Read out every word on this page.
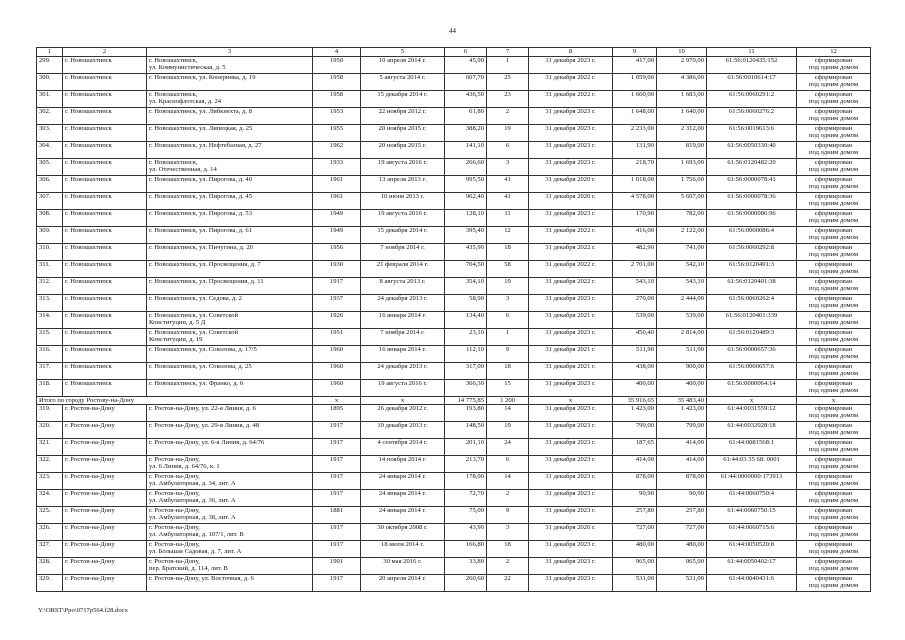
44
1	2	3	4	5	6	7	8	9	10	11	12
299.	г. Новошахтинск	г. Новошахтинск,
ул. Коммунистическая, д. 5	1950	10 апреля 2014 г.	45,90	1	31 декабря 2023 г.	417,00	2 970,00	61:56:0120435:152	сформирован
под одним домом
300.	г. Новошахтинск	г. Новошахтинск, ул. Коперника, д. 19	1958	5 августа 2014 г.	607,70	25	31 декабря 2022 г.	1 059,00	4 386,00	61:56:0010614:17	сформирован
под одним домом
301.	г. Новошахтинск	г. Новошахтинск,
ул. Краснофлотская, д. 24	1958	15 декабря 2014 г.	436,50	23	31 декабря 2022 г.	1 660,00	1 683,00	61:56:0060291:2	сформирован
под одним домом
302.	г. Новошахтинск	г. Новошахтинск, ул. Либкнехта, д. 8	1953	22 ноября 2012 г.	61,80	2	31 декабря 2023 г.	1 648,00	1 640,00	61:56:0060276:2	сформирован
под одним домом
303.	г. Новошахтинск	г. Новошахтинск, ул. Липецкая, д. 25	1955	20 ноября 2015 г.	388,20	19	31 декабря 2023 г.	2 233,00	2 312,00	61:56:0019613:6	сформирован
под одним домом
304.	г. Новошахтинск	г. Новошахтинск, ул. Нефтебазная, д. 27	1962	20 ноября 2015 г.	141,10	6	31 декабря 2023 г.	131,90	819,00	61:56:0050330:40	сформирован
под одним домом
305.	г. Новошахтинск	г. Новошахтинск,
ул. Отечественная, д. 14	1933	19 августа 2016 г.	266,60	3	31 декабря 2023 г.	218,70	1 693,00	61:56:0120482:20	сформирован
под одним домом
306.	г. Новошахтинск	г. Новошахтинск, ул. Пирогова, д. 40	1961	13 апреля 2013 г.	995,50	41	31 декабря 2020 г.	1 018,00	1 756,00	61:56:0000078:41	сформирован
под одним домом
307.	г. Новошахтинск	г. Новошахтинск, ул. Пирогова, д. 45	1961	10 июня 2013 г.	962,40	41	31 декабря 2020 г.	4 578,00	5 697,00	61:56:0000078:36	сформирован
под одним домом
308.	г. Новошахтинск	г. Новошахтинск, ул. Пирогова, д. 53	1949	19 августа 2016 г.	128,10	11	31 декабря 2023 г.	170,90	782,00	61:56:0000086:96	сформирован
под одним домом
309.	г. Новошахтинск	г. Новошахтинск, ул. Пирогова, д. 61	1949	15 декабря 2014 г.	395,40	12	31 декабря 2022 г.	416,00	2 122,00	61:56:0000086:4	сформирован
под одним домом
310.	г. Новошахтинск	г. Новошахтинск, ул. Пичугина, д. 20	1956	7 ноября 2014 г.	435,90	18	31 декабря 2022 г.	482,90	741,00	61:56:0060292:8	сформирован
под одним домом
311.	г. Новошахтинск	г. Новошахтинск, ул. Просвещения, д. 7	1930	21 февраля 2014 г.	704,50	58	31 декабря 2022 г.	2 701,00	542,10	61:56:0120491:3	сформирован
под одним домом
312.	г. Новошахтинск	г. Новошахтинск, ул. Просвещения, д. 11	1917	8 августа 2013 г.	354,10	19	31 декабря 2022 г.	543,10	543,10	61:56:0120401:38	сформирован
под одним домом
313.	г. Новошахтинск	г. Новошахтинск, ул. Седова, д. 2	1937	24 декабря 2013 г.	58,90	3	31 декабря 2023 г.	270,00	2 444,00	61:56:0060262:4	сформирован
под одним домом
314.	г. Новошахтинск	г. Новошахтинск, ул. Советской
Конституции, д. 5 Д	1926	16 января 2014 г.	134,40	6	31 декабря 2021 г.	539,00	539,00	61:56:0120401:339	сформирован
под одним домом
315.	г. Новошахтинск	г. Новошахтинск, ул. Советской
Конституции, д. 19	1951	7 ноября 2014 г.	23,10	1	31 декабря 2023 г.	450,40	2 814,00	61:56:0120489:3	сформирован
под одним домом
316.	г. Новошахтинск	г. Новошахтинск, ул. Соколова, д. 17/5	1960	16 января 2014 г.	112,10	9	31 декабря 2021 г.	511,90	511,90	61:56:0000657:36	сформирован
под одним домом
317.	г. Новошахтинск	г. Новошахтинск, ул. Соколова, д. 25	1960	24 декабря 2013 г.	317,00	18	31 декабря 2021 г.	438,00	900,00	61:56:0000657:6	сформирован
под одним домом
318.	г. Новошахтинск	г. Новошахтинск, ул. Франко, д. 6	1960	19 августа 2016 г.	366,30	15	31 декабря 2023 г.	400,00	400,00	61:56:0000064:14	сформирован
под одним домом
Итого по городу Ростову-на-Дону			х	х	14 775,85	1 200	х	35 916,65	35 483,40	х	х
319.	г. Ростов-на-Дону	г. Ростов-на-Дону, ул. 22-я Линия, д. 6	1895	26 декабря 2012 г.	193,80	14	31 декабря 2023 г.	1 423,00	1 423,00	61:44:0031559:12	сформирован
под одним домом
320.	г. Ростов-на-Дону	г. Ростов-на-Дону, ул. 29-я Линия, д. 48	1917	19 декабря 2013 г.	148,50	19	31 декабря 2023 г.	799,00	799,00	61:44:0032028:18	сформирован
под одним домом
321.	г. Ростов-на-Дону	г. Ростов-на-Дону, ул. 6-я Линия, д. 64/76	1917	4 сентября 2014 г.	201,10	24	31 декабря 2023 г.	187,65	414,00	61:44:0081568:1	сформирован
под одним домом
322.	г. Ростов-на-Дону	г. Ростов-на-Дону,
ул. 6 Линия, д. 64/76, к. 1	1917	14 ноября 2014 г.	213,70	6	31 декабря 2023 г.	414,00	414,00	61:44:03 35 68: 0001	сформирован
под одним домом
323.	г. Ростов-на-Дону	г. Ростов-на-Дону,
ул. Амбулаторная, д. 34, лит. А	1917	24 января 2014 г.	178,00	14	31 декабря 2023 г.	878,00	878,00	61:44:0000000:173913	сформирован
под одним домом
324.	г. Ростов-на-Дону	г. Ростов-на-Дону,
ул. Амбулаторная, д. 36, лит. А	1917	24 января 2014 г.	72,70	2	31 декабря 2023 г.	90,90	90,90	61:44:0060750:4	сформирован
под одним домом
325.	г. Ростов-на-Дону	г. Ростов-на-Дону,
ул. Амбулаторная, д. 38, лит. А	1881	24 января 2014 г.	75,00	9	31 декабря 2023 г.	257,80	257,80	61:44:0060750:15	сформирован
под одним домом
326.	г. Ростов-на-Дону	г. Ростов-на-Дону,
ул. Амбулаторная, д. 107/1, лит. В	1917	30 октября 2008 г.	43,90	3	31 декабря 2020 г.	727,00	727,00	61:44:0060715:6	сформирован
под одним домом
327.	г. Ростов-на-Дону	г. Ростов-на-Дону,
ул. Большая Садовая, д. 7, лит. А	1917	18 июля 2014 г.	166,80	18	31 декабря 2023 г.	480,00	480,00	61:44:0050520:8	сформирован
под одним домом
328.	г. Ростов-на-Дону	г. Ростов-на-Дону,
пер. Братский, д. 114, лит. В	1901	30 мая 2016 г.	33,80	2	31 декабря 2023 г.	965,00	965,00	61:44:0050402:17	сформирован
под одним домом
329.	г. Ростов-на-Дону	г. Ростов-на-Дону, ул. Восточная, д. 6	1917	20 апреля 2014 г.	260,60	22	31 декабря 2023 г.	531,00	531,00	61:44:0040431:6	сформирован
под одним домом
Y:\ORST\Ppo\0717p564.f28.docx
